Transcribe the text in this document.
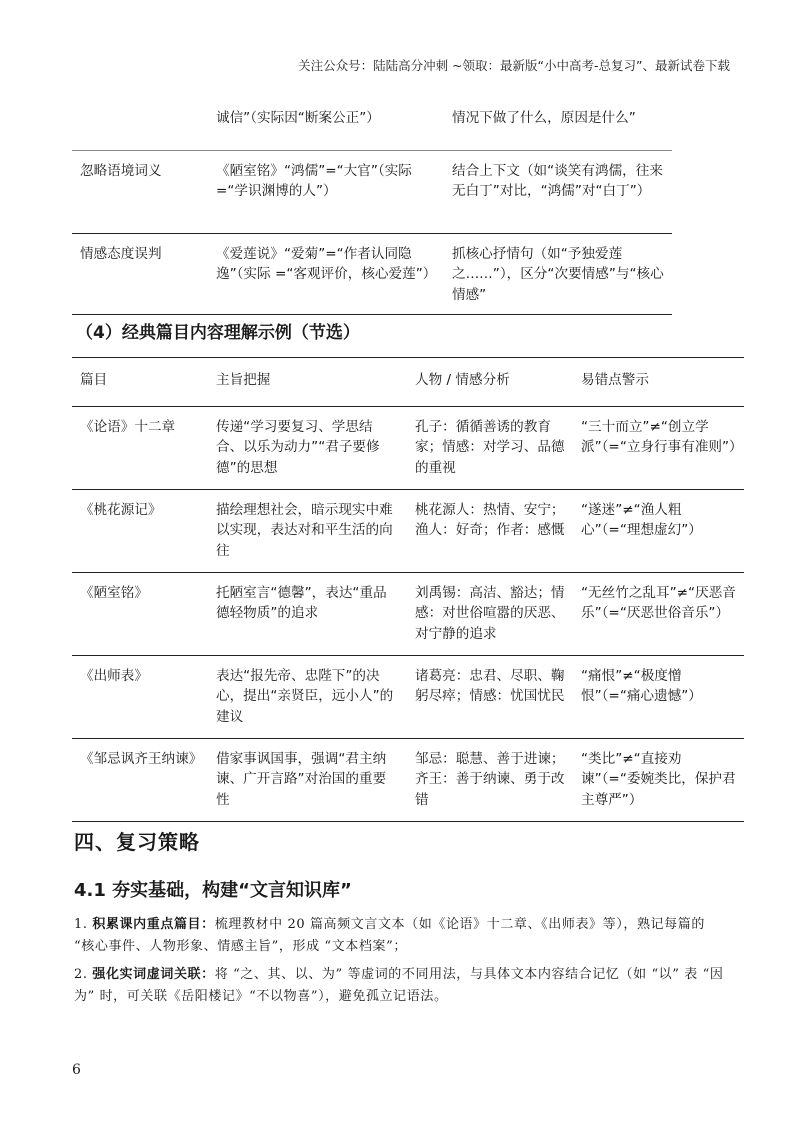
关注公众号：陆陆高分冲刺 ~领取：最新版“小中高考-总复习”、最新试卷下载
	诚信”（实际因“断案公正”）	情况下做了什么，原因是什么”
忽略语境词义	《陋室铭》“鸿儒”=“大官”（实际=“学识渊博的人”）	结合上下文（如“谈笑有鸿儒，往来无白丁”对比，“鸿儒”对“白丁”）
情感态度误判	《爱莲说》“爱菊”=“作者认同隐逸”（实际 =“客观评价，核心爱莲”）	抓核心抒情句（如“予独爱莲之……”），区分“次要情感”与“核心情感”
（4）经典篇目内容理解示例（节选）
篇目	主旨把握	人物 / 情感分析	易错点警示
《论语》十二章	传递“学习要复习、学思结合、以乐为动力”“君子要修德”的思想	孔子：循循善诱的教育家；情感：对学习、品德的重视	“三十而立”≠“创立学派”（=“立身行事有准则”）
《桃花源记》	描绘理想社会，暗示现实中难以实现，表达对和平生活的向往	桃花源人：热情、安宁；渔人：好奇；作者：感慨	“遂迷”≠“渔人粗心”（=“理想虚幻”）
《陋室铭》	托陋室言“德馨”，表达“重品德轻物质”的追求	刘禹锡：高洁、豁达；情感：对世俗喧嚣的厌恶、对宁静的追求	“无丝竹之乱耳”≠“厌恶音乐”（=“厌恶世俗音乐”）
《出师表》	表达“报先帝、忠陛下”的决心，提出“亲贤臣，远小人”的建议	诸葛亮：忠君、尽职、鞠躬尽瘁；情感：忧国忧民	“痛恨”≠“极度憎恨”（=“痛心遗憾”）
《邹忌讽齐王纳谏》	借家事讽国事，强调“君主纳谏、广开言路”对治国的重要性	邹忌：聪慧、善于进谏；齐王：善于纳谏、勇于改错	“类比”≠“直接劝谏”（=“委婉类比，保护君主尊严”）
四、复习策略
4.1 夯实基础，构建“文言知识库”
1. 积累课内重点篇目：梳理教材中 20 篇高频文言文本（如《论语》十二章、《出师表》等），熟记每篇的 “核心事件、人物形象、情感主旨”，形成 “文本档案”；
2. 强化实词虚词关联：将 “之、其、以、为” 等虚词的不同用法，与具体文本内容结合记忆（如 “以” 表 “因为” 时，可关联《岳阳楼记》“不以物喜”），避免孤立记语法。
6
